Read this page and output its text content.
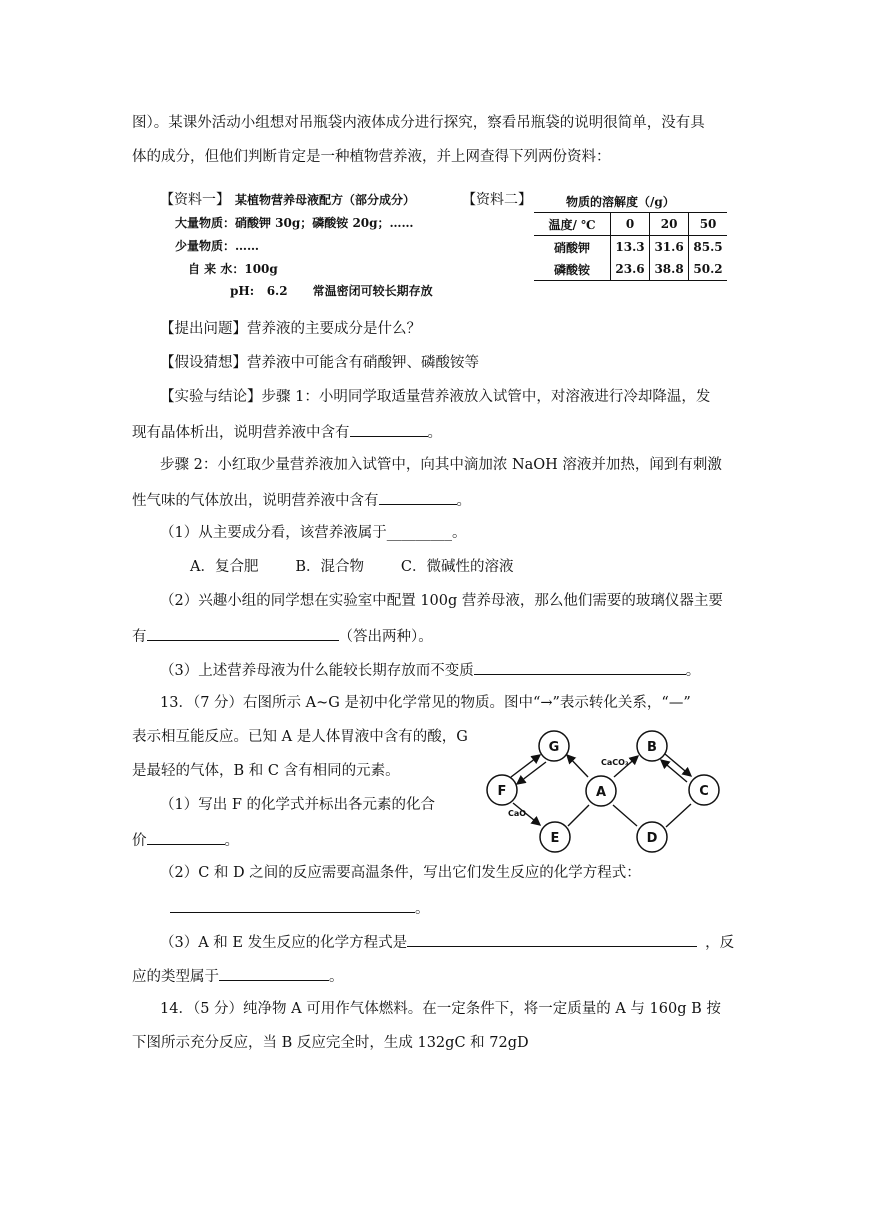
图）。某课外活动小组想对吊瓶袋内液体成分进行探究，察看吊瓶袋的说明很简单，没有具
体的成分，但他们判断肯定是一种植物营养液，并上网查得下列两份资料：
【资料一】 某植物营养母液配方（部分成分）
大量物质：硝酸钾 30g；磷酸铵 20g；……
少量物质：……
自 来 水：100g
pH:   6.2      常温密闭可较长期存放
【资料二】	物质的溶解度（/g）
温度/ ℃	0	20	50
硝酸钾	13.3	31.6	85.5
磷酸铵	23.6	38.8	50.2
【提出问题】营养液的主要成分是什么？
【假设猜想】营养液中可能含有硝酸钾、磷酸铵等
【实验与结论】步骤 1：小明同学取适量营养液放入试管中，对溶液进行冷却降温，发
现有晶体析出，说明营养液中含有	。
步骤 2：小红取少量营养液加入试管中，向其中滴加浓 NaOH 溶液并加热，闻到有刺激
性气味的气体放出，说明营养液中含有	。
（1）从主要成分看，该营养液属于_________。
A．复合肥        B．混合物        C．微碱性的溶液
（2）兴趣小组的同学想在实验室中配置 100g 营养母液，那么他们需要的玻璃仪器主要
有	（答出两种）。
（3）上述营养母液为什么能较长期存放而不变质	。
13．（7 分）右图所示 A~G 是初中化学常见的物质。图中“→”表示转化关系，“—”
表示相互能反应。已知 A 是人体胃液中含有的酸，G
是最轻的气体，B 和 C 含有相同的元素。
（1）写出 F 的化学式并标出各元素的化合
价	。
（2）C 和 D 之间的反应需要高温条件，写出它们发生反应的化学方程式：
。
（3）A 和 E 发生反应的化学方程式是	，反
应的类型属于	。
G	B
F	A	C
E	D
CaCO₃
CaO
14．（5 分）纯净物 A 可用作气体燃料。在一定条件下，将一定质量的 A 与 160g B 按
下图所示充分反应，当 B 反应完全时，生成 132gC 和 72gD
